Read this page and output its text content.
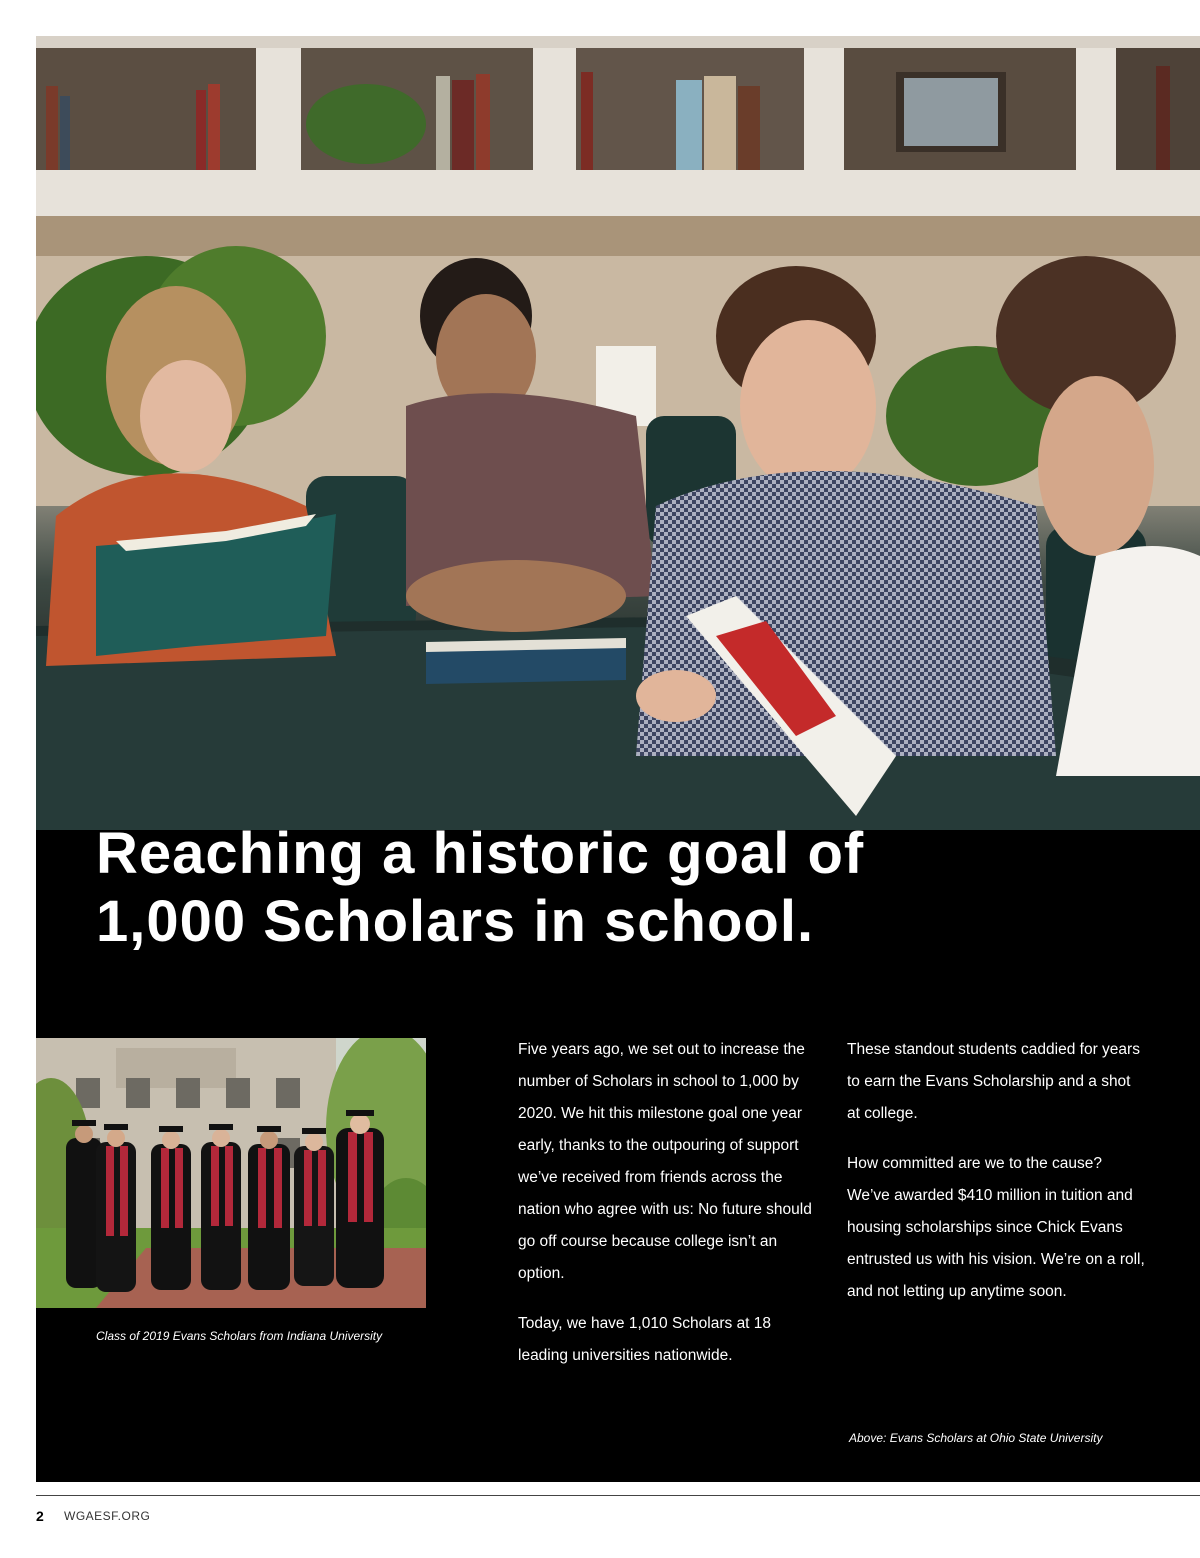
Reaching a historic goal of
1,000 Scholars in school.

Class of 2019 Evans Scholars from Indiana University

Five years ago, we set out to increase the number of Scholars in school to 1,000 by 2020. We hit this milestone goal one year early, thanks to the outpouring of support we’ve received from friends across the nation who agree with us: No future should go off course because college isn’t an option.

Today, we have 1,010 Scholars at 18 leading universities nationwide.

These standout students caddied for years to earn the Evans Scholarship and a shot at college.

How committed are we to the cause? We’ve awarded $410 million in tuition and housing scholarships since Chick Evans entrusted us with his vision. We’re on a roll, and not letting up anytime soon.

Above: Evans Scholars at Ohio State University

2 WGAESF.ORG
